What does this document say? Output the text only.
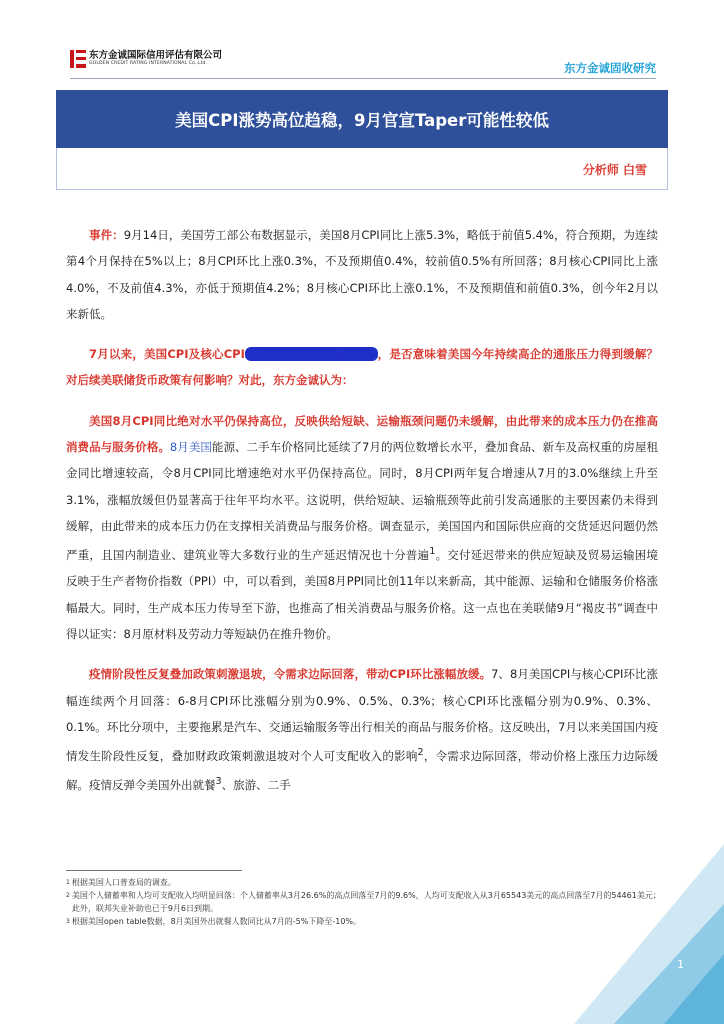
东方金诚国际信用评估有限公司
GOLDEN CREDIT RATING INTERNATIONAL Co.,Ltd.	东方金诚固收研究
美国CPI涨势高位趋稳，9月官宣Taper可能性较低
分析师 白雪

事件：9月14日，美国劳工部公布数据显示，美国8月CPI同比上涨5.3%，略低于前值5.4%，符合预期，为连续第4个月保持在5%以上；8月CPI环比上涨0.3%，不及预期值0.4%，较前值0.5%有所回落；8月核心CPI同比上涨4.0%，不及前值4.3%，亦低于预期值4.2%；8月核心CPI环比上涨0.1%，不及预期值和前值0.3%，创今年2月以来新低。

7月以来，美国CPI及核心CPI 环比涨幅连续两个月回落 ，是否意味着美国今年持续高企的通胀压力得到缓解？对后续美联储货币政策有何影响？对此，东方金诚认为：

美国8月CPI同比绝对水平仍保持高位，反映供给短缺、运输瓶颈问题仍未缓解，由此带来的成本压力仍在推高消费品与服务价格。8月美国能源、二手车价格同比延续了7月的两位数增长水平，叠加食品、新车及高权重的房屋租金同比增速较高，令8月CPI同比增速绝对水平仍保持高位。同时，8月CPI两年复合增速从7月的3.0%继续上升至3.1%，涨幅放缓但仍显著高于往年平均水平。这说明，供给短缺、运输瓶颈等此前引发高通胀的主要因素仍未得到缓解，由此带来的成本压力仍在支撑相关消费品与服务价格。调查显示，美国国内和国际供应商的交货延迟问题仍然严重，且国内制造业、建筑业等大多数行业的生产延迟情况也十分普遍$^1$。交付延迟带来的供应短缺及贸易运输困境反映于生产者物价指数（PPI）中，可以看到，美国8月PPI同比创11年以来新高，其中能源、运输和仓储服务价格涨幅最大。同时，生产成本压力传导至下游，也推高了相关消费品与服务价格。这一点也在美联储9月“褐皮书”调查中得以证实：8月原材料及劳动力等短缺仍在推升物价。

疫情阶段性反复叠加政策刺激退坡，令需求边际回落，带动CPI环比涨幅放缓。7、8月美国CPI与核心CPI环比涨幅连续两个月回落：6-8月CPI环比涨幅分别为0.9%、0.5%、0.3%；核心CPI环比涨幅分别为0.9%、0.3%、0.1%。环比分项中，主要拖累是汽车、交通运输服务等出行相关的商品与服务价格。这反映出，7月以来美国国内疫情发生阶段性反复，叠加财政政策刺激退坡对个人可支配收入的影响$^2$，令需求边际回落，带动价格上涨压力边际缓解。疫情反弹令美国外出就餐$^3$、旅游、二手

1 根据美国人口普查局的调查。
2 美国个人储蓄率和人均可支配收入均明显回落：个人储蓄率从3月26.6%的高点回落至7月的9.6%，人均可支配收入从3月65543美元的高点回落至7月的54461美元；此外，联邦失业补助也已于9月6日到期。
3 根据美国open table数据，8月美国外出就餐人数同比从7月的-5%下降至-10%。
1
